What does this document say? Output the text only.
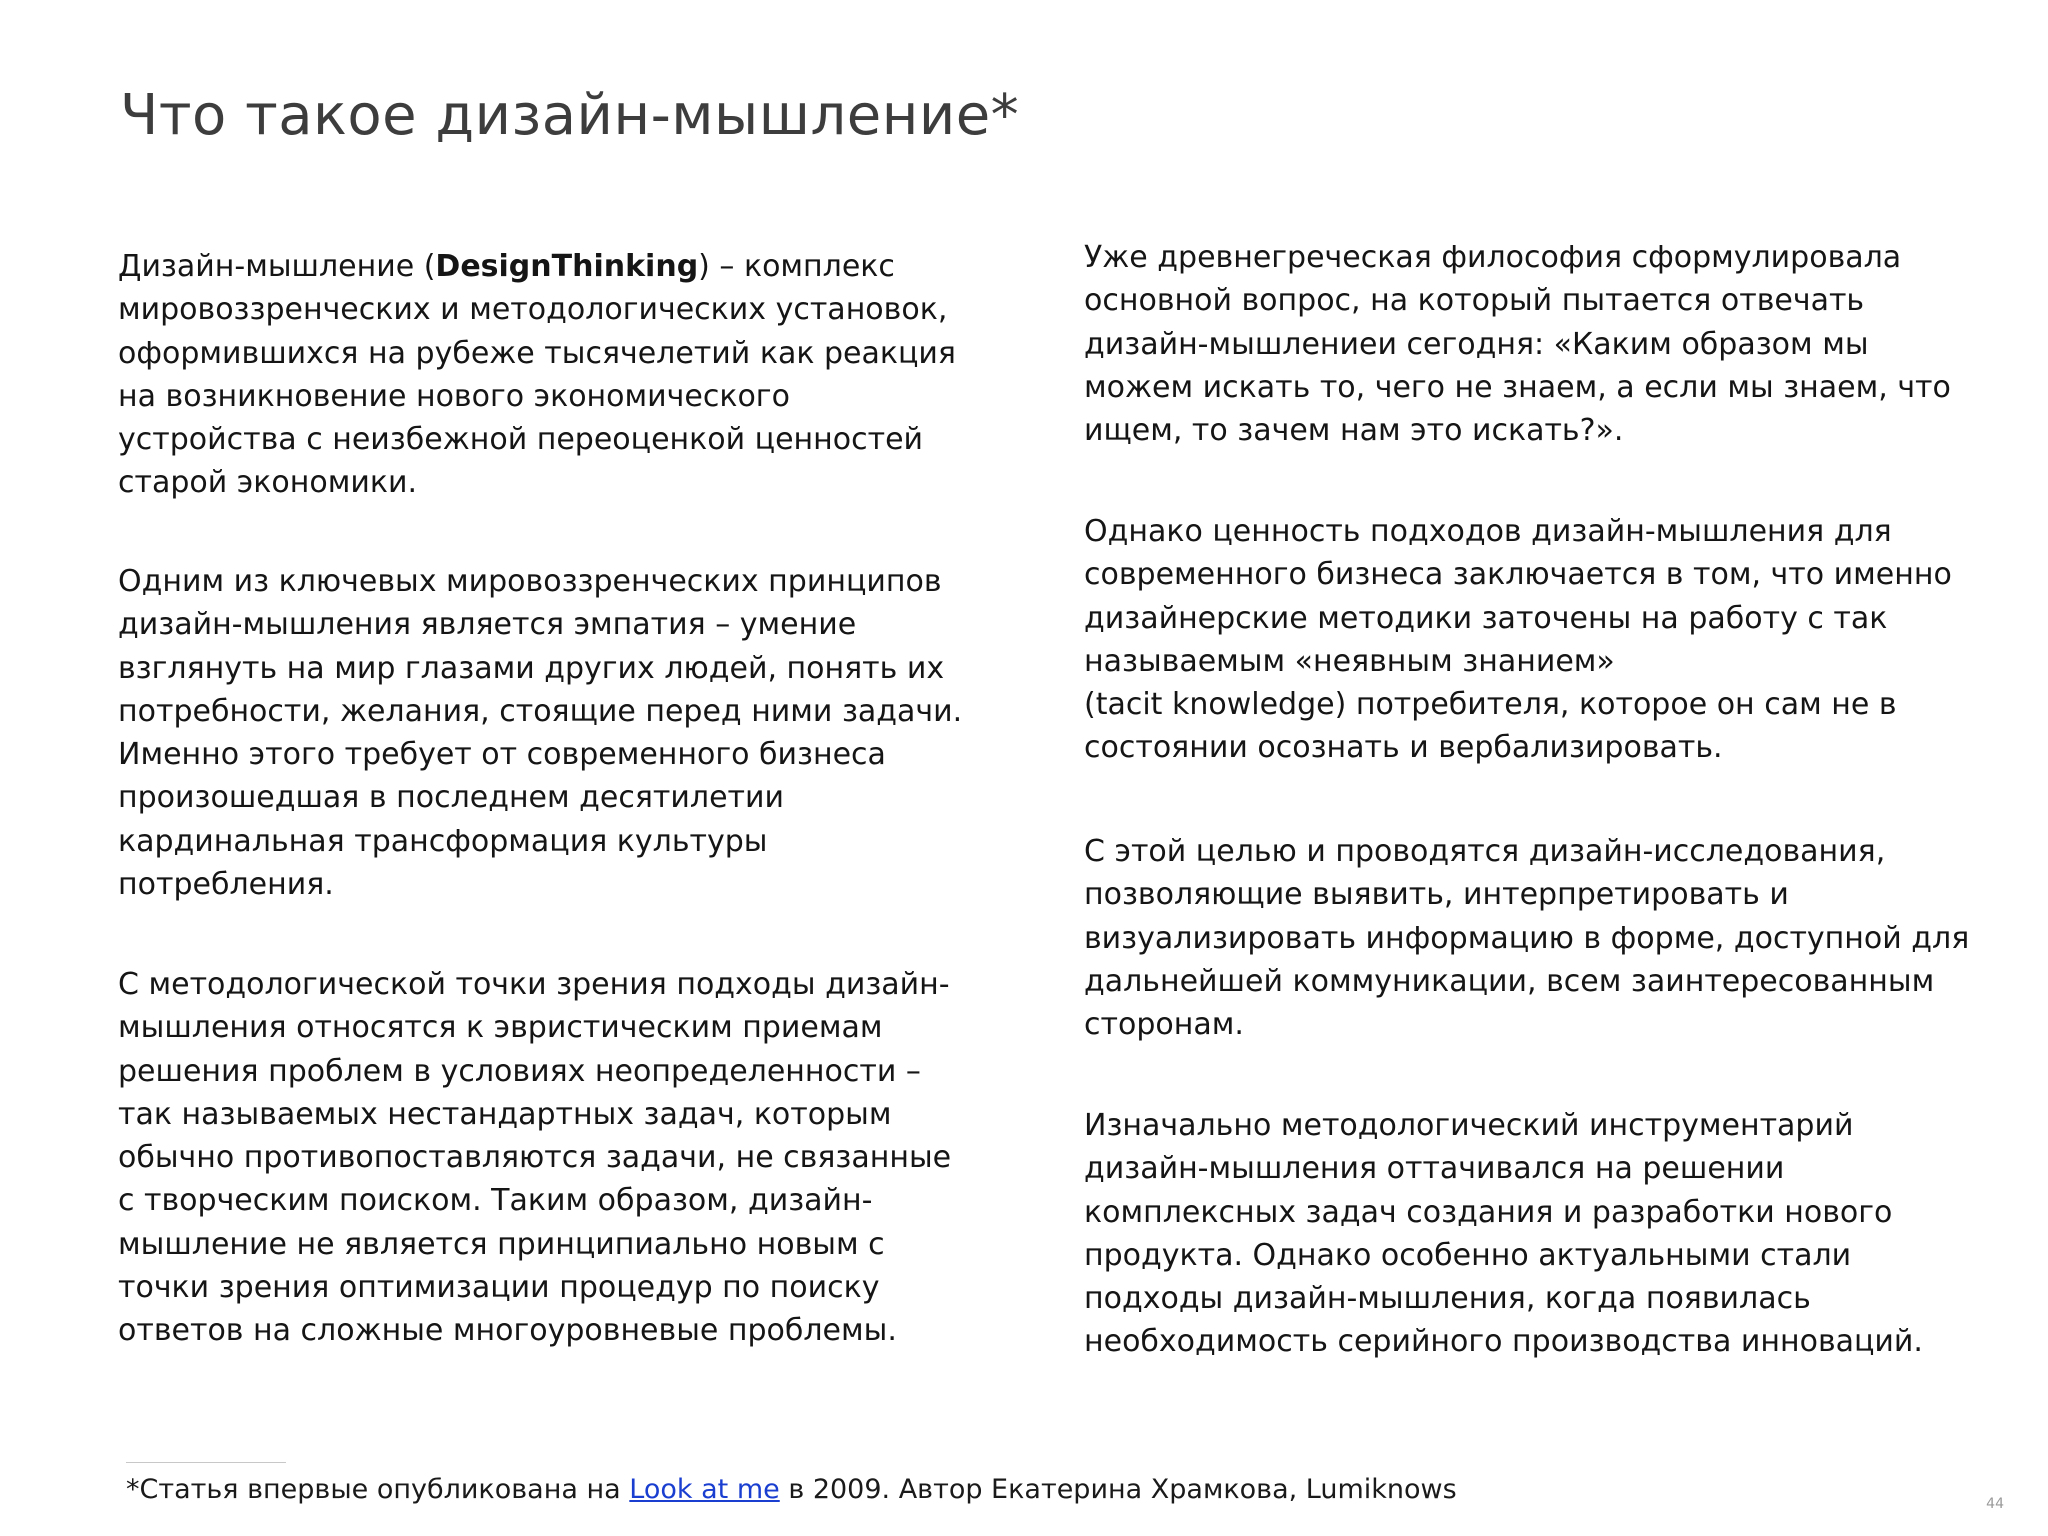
Что такое дизайн-мышление*

Дизайн-мышление (DesignThinking) – комплекс
мировоззренческих и методологических установок,
оформившихся на рубеже тысячелетий как реакция
на возникновение нового экономического
устройства с неизбежной переоценкой ценностей
старой экономики.

Одним из ключевых мировоззренческих принципов
дизайн-мышления является эмпатия – умение
взглянуть на мир глазами других людей, понять их
потребности, желания, стоящие перед ними задачи.
Именно этого требует от современного бизнеса
произошедшая в последнем десятилетии
кардинальная трансформация культуры
потребления.

С методологической точки зрения подходы дизайн-
мышления относятся к эвристическим приемам
решения проблем в условиях неопределенности –
так называемых нестандартных задач, которым
обычно противопоставляются задачи, не связанные
с творческим поиском. Таким образом, дизайн-
мышление не является принципиально новым с
точки зрения оптимизации процедур по поиску
ответов на сложные многоуровневые проблемы.

Уже древнегреческая философия сформулировала
основной вопрос, на который пытается отвечать
дизайн-мышлениеи сегодня: «Каким образом мы
можем искать то, чего не знаем, а если мы знаем, что
ищем, то зачем нам это искать?».

Однако ценность подходов дизайн-мышления для
современного бизнеса заключается в том, что именно
дизайнерские методики заточены на работу с так
называемым «неявным знанием»
(tacit knowledge) потребителя, которое он сам не в
состоянии осознать и вербализировать.

С этой целью и проводятся дизайн-исследования,
позволяющие выявить, интерпретировать и
визуализировать информацию в форме, доступной для
дальнейшей коммуникации, всем заинтересованным
сторонам.

Изначально методологический инструментарий
дизайн-мышления оттачивался на решении
комплексных задач создания и разработки нового
продукта. Однако особенно актуальными стали
подходы дизайн-мышления, когда появилась
необходимость серийного производства инноваций.

*Статья впервые опубликована на Look at me в 2009. Автор Екатерина Храмкова, Lumiknows	44
